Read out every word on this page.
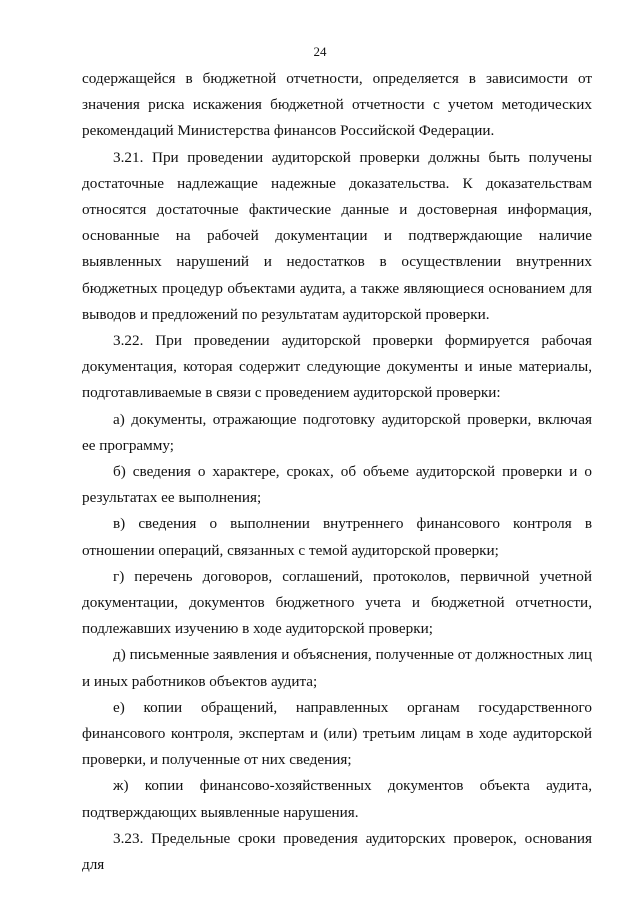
24

содержащейся в бюджетной отчетности, определяется в зависимости от значения риска искажения бюджетной отчетности с учетом методических рекомендаций Министерства финансов Российской Федерации.

3.21. При проведении аудиторской проверки должны быть получены достаточные надлежащие надежные доказательства. К доказательствам относятся достаточные фактические данные и достоверная информация, основанные на рабочей документации и подтверждающие наличие выявленных нарушений и недостатков в осуществлении внутренних бюджетных процедур объектами аудита, а также являющиеся основанием для выводов и предложений по результатам аудиторской проверки.

3.22. При проведении аудиторской проверки формируется рабочая документация, которая содержит следующие документы и иные материалы, подготавливаемые в связи с проведением аудиторской проверки:

а) документы, отражающие подготовку аудиторской проверки, включая ее программу;

б) сведения о характере, сроках, об объеме аудиторской проверки и о результатах ее выполнения;

в) сведения о выполнении внутреннего финансового контроля в отношении операций, связанных с темой аудиторской проверки;

г) перечень договоров, соглашений, протоколов, первичной учетной документации, документов бюджетного учета и бюджетной отчетности, подлежавших изучению в ходе аудиторской проверки;

д) письменные заявления и объяснения, полученные от должностных лиц и иных работников объектов аудита;

е) копии обращений, направленных органам государственного финансового контроля, экспертам и (или) третьим лицам в ходе аудиторской проверки, и полученные от них сведения;

ж) копии финансово-хозяйственных документов объекта аудита, подтверждающих выявленные нарушения.

3.23. Предельные сроки проведения аудиторских проверок, основания для
